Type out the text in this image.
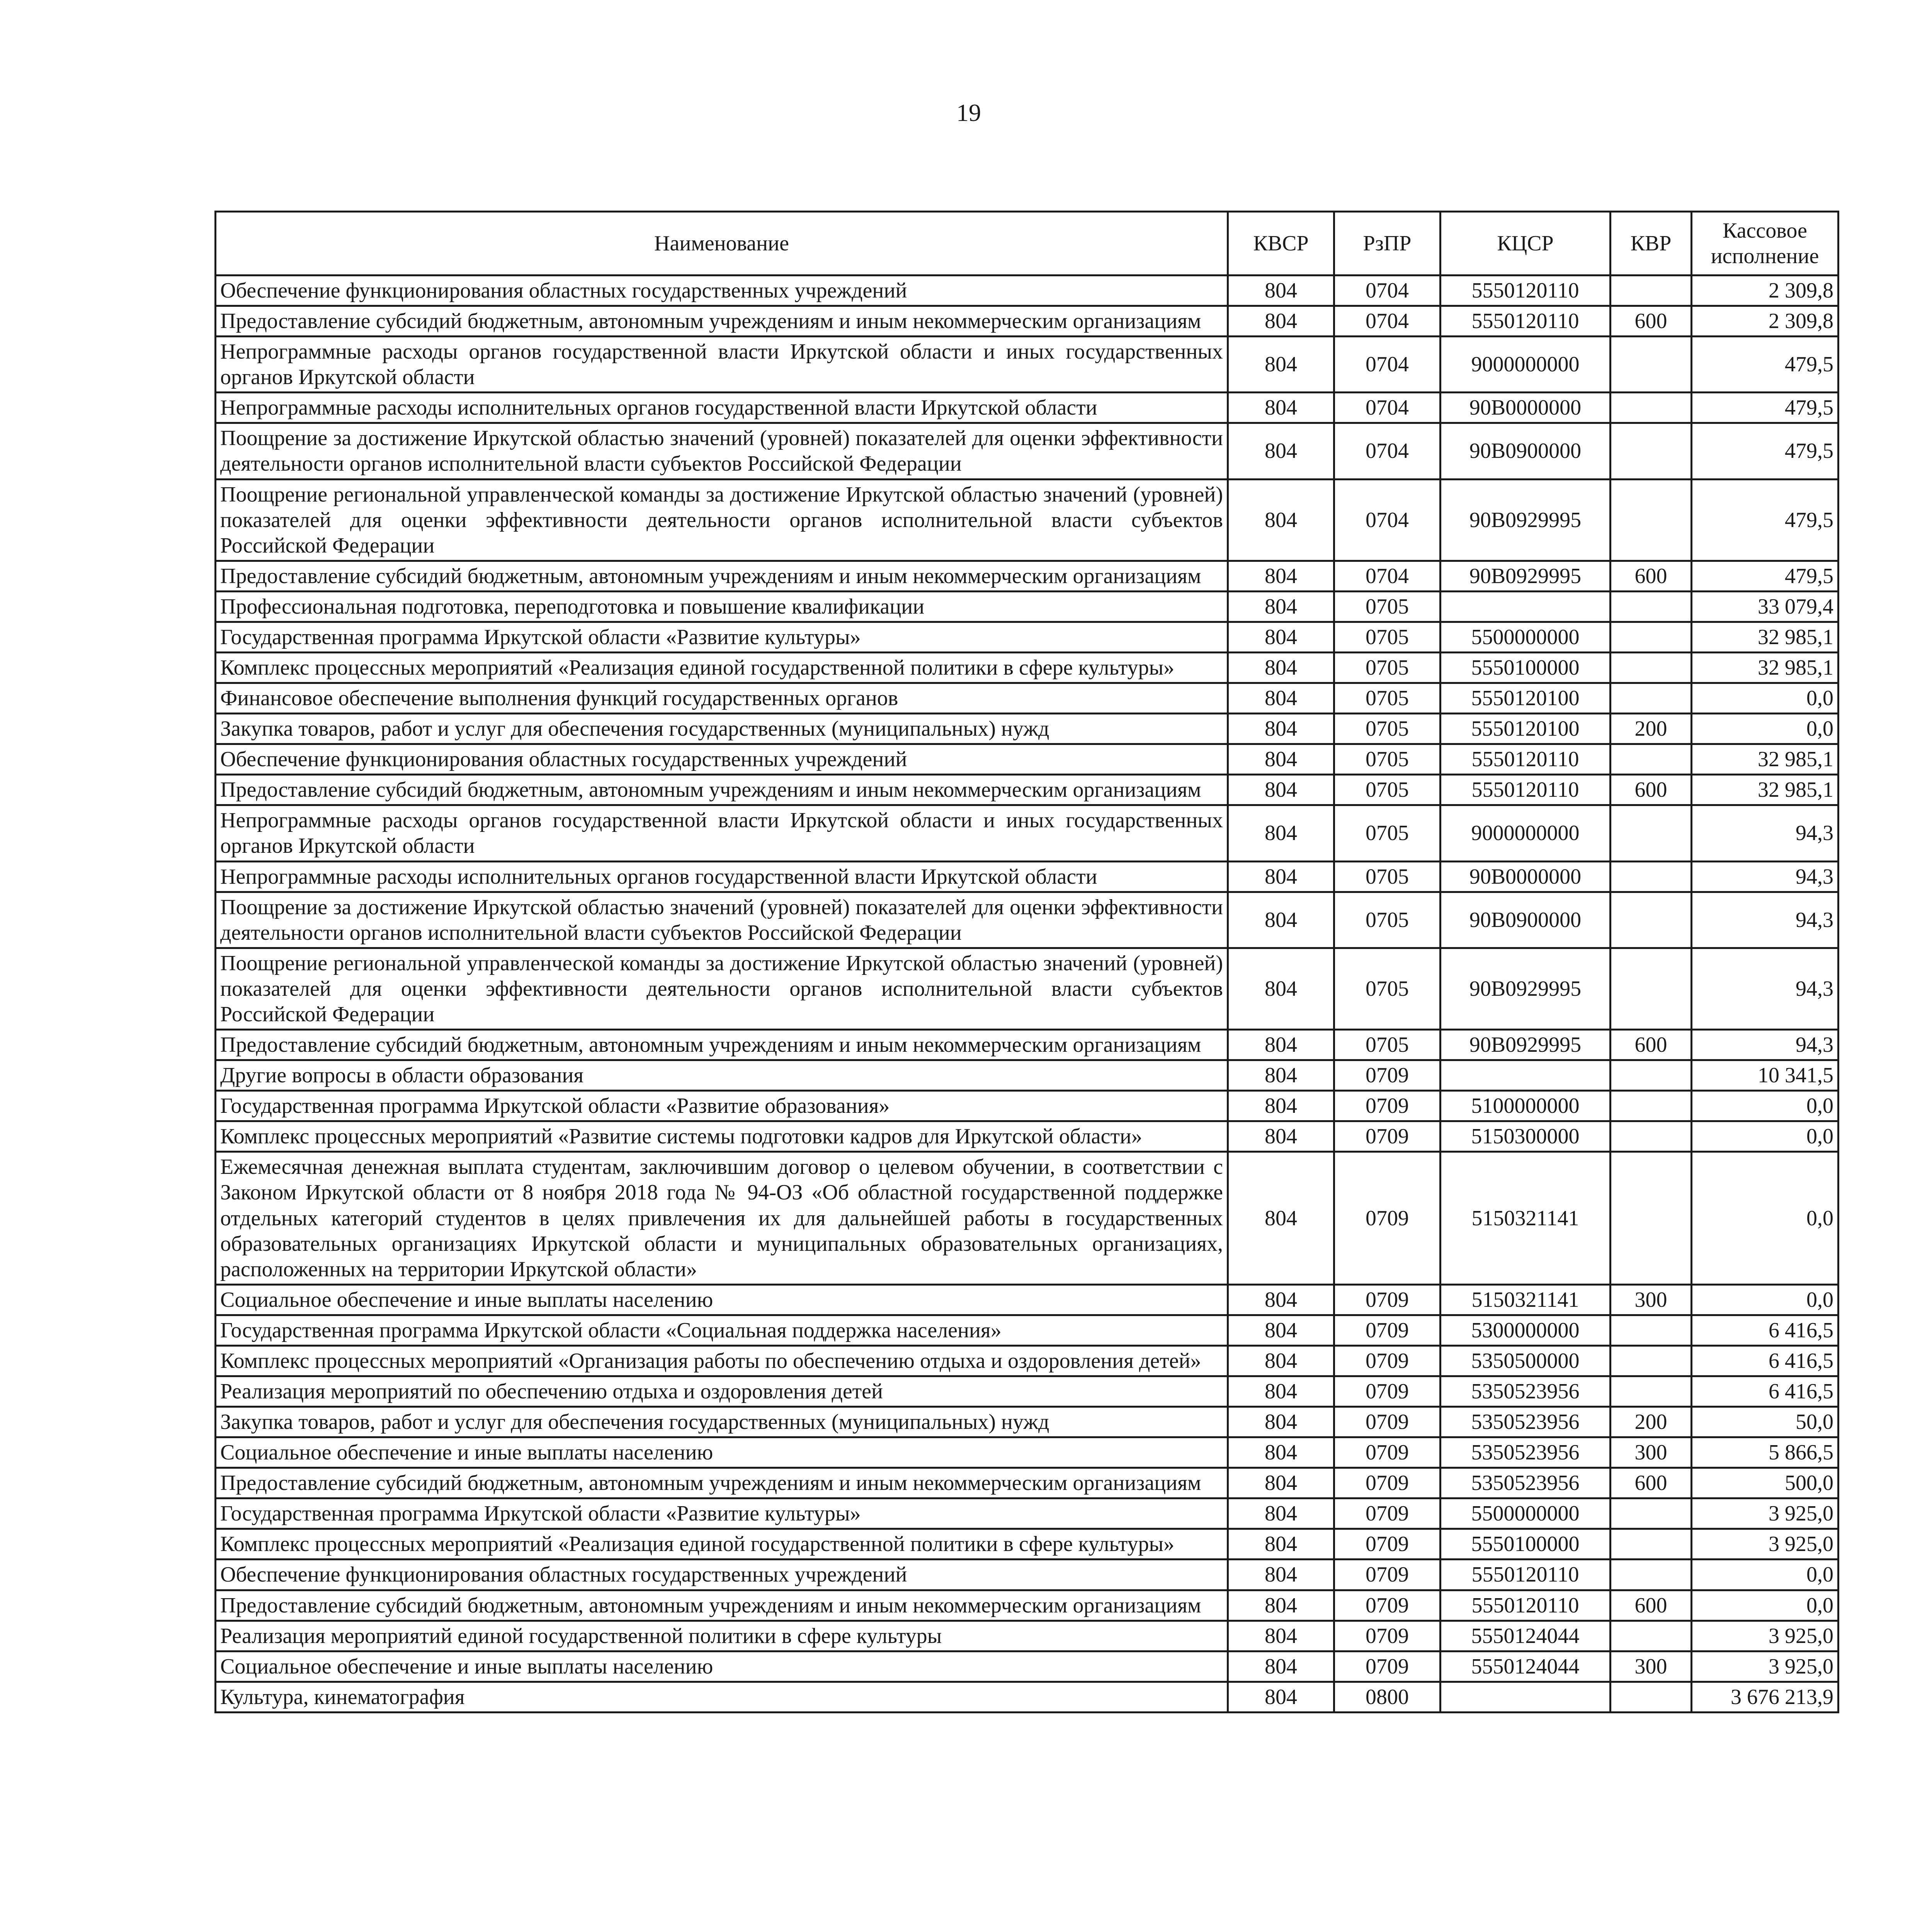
19
Наименование	КВСР	РзПР	КЦСР	КВР	Кассовое исполнение
Обеспечение функционирования областных государственных учреждений	804	0704	5550120110		2 309,8
Предоставление субсидий бюджетным, автономным учреждениям и иным некоммерческим организациям	804	0704	5550120110	600	2 309,8
Непрограммные расходы органов государственной власти Иркутской области и иных государственных органов Иркутской области	804	0704	9000000000		479,5
Непрограммные расходы исполнительных органов государственной власти Иркутской области	804	0704	90В0000000		479,5
Поощрение за достижение Иркутской областью значений (уровней) показателей для оценки эффективности деятельности органов исполнительной власти субъектов Российской Федерации	804	0704	90В0900000		479,5
Поощрение региональной управленческой команды за достижение Иркутской областью значений (уровней) показателей для оценки эффективности деятельности органов исполнительной власти субъектов Российской Федерации	804	0704	90В0929995		479,5
Предоставление субсидий бюджетным, автономным учреждениям и иным некоммерческим организациям	804	0704	90В0929995	600	479,5
Профессиональная подготовка, переподготовка и повышение квалификации	804	0705			33 079,4
Государственная программа Иркутской области «Развитие культуры»	804	0705	5500000000		32 985,1
Комплекс процессных мероприятий «Реализация единой государственной политики в сфере культуры»	804	0705	5550100000		32 985,1
Финансовое обеспечение выполнения функций государственных органов	804	0705	5550120100		0,0
Закупка товаров, работ и услуг для обеспечения государственных (муниципальных) нужд	804	0705	5550120100	200	0,0
Обеспечение функционирования областных государственных учреждений	804	0705	5550120110		32 985,1
Предоставление субсидий бюджетным, автономным учреждениям и иным некоммерческим организациям	804	0705	5550120110	600	32 985,1
Непрограммные расходы органов государственной власти Иркутской области и иных государственных органов Иркутской области	804	0705	9000000000		94,3
Непрограммные расходы исполнительных органов государственной власти Иркутской области	804	0705	90В0000000		94,3
Поощрение за достижение Иркутской областью значений (уровней) показателей для оценки эффективности деятельности органов исполнительной власти субъектов Российской Федерации	804	0705	90В0900000		94,3
Поощрение региональной управленческой команды за достижение Иркутской областью значений (уровней) показателей для оценки эффективности деятельности органов исполнительной власти субъектов Российской Федерации	804	0705	90В0929995		94,3
Предоставление субсидий бюджетным, автономным учреждениям и иным некоммерческим организациям	804	0705	90В0929995	600	94,3
Другие вопросы в области образования	804	0709			10 341,5
Государственная программа Иркутской области «Развитие образования»	804	0709	5100000000		0,0
Комплекс процессных мероприятий «Развитие системы подготовки кадров для Иркутской области»	804	0709	5150300000		0,0
Ежемесячная денежная выплата студентам, заключившим договор о целевом обучении, в соответствии с Законом Иркутской области от 8 ноября 2018 года № 94-ОЗ «Об областной государственной поддержке отдельных категорий студентов в целях привлечения их для дальнейшей работы в государственных образовательных организациях Иркутской области и муниципальных образовательных организациях, расположенных на территории Иркутской области»	804	0709	5150321141		0,0
Социальное обеспечение и иные выплаты населению	804	0709	5150321141	300	0,0
Государственная программа Иркутской области «Социальная поддержка населения»	804	0709	5300000000		6 416,5
Комплекс процессных мероприятий «Организация работы по обеспечению отдыха и оздоровления детей»	804	0709	5350500000		6 416,5
Реализация мероприятий по обеспечению отдыха и оздоровления детей	804	0709	5350523956		6 416,5
Закупка товаров, работ и услуг для обеспечения государственных (муниципальных) нужд	804	0709	5350523956	200	50,0
Социальное обеспечение и иные выплаты населению	804	0709	5350523956	300	5 866,5
Предоставление субсидий бюджетным, автономным учреждениям и иным некоммерческим организациям	804	0709	5350523956	600	500,0
Государственная программа Иркутской области «Развитие культуры»	804	0709	5500000000		3 925,0
Комплекс процессных мероприятий «Реализация единой государственной политики в сфере культуры»	804	0709	5550100000		3 925,0
Обеспечение функционирования областных государственных учреждений	804	0709	5550120110		0,0
Предоставление субсидий бюджетным, автономным учреждениям и иным некоммерческим организациям	804	0709	5550120110	600	0,0
Реализация мероприятий единой государственной политики в сфере культуры	804	0709	5550124044		3 925,0
Социальное обеспечение и иные выплаты населению	804	0709	5550124044	300	3 925,0
Культура, кинематография	804	0800			3 676 213,9
